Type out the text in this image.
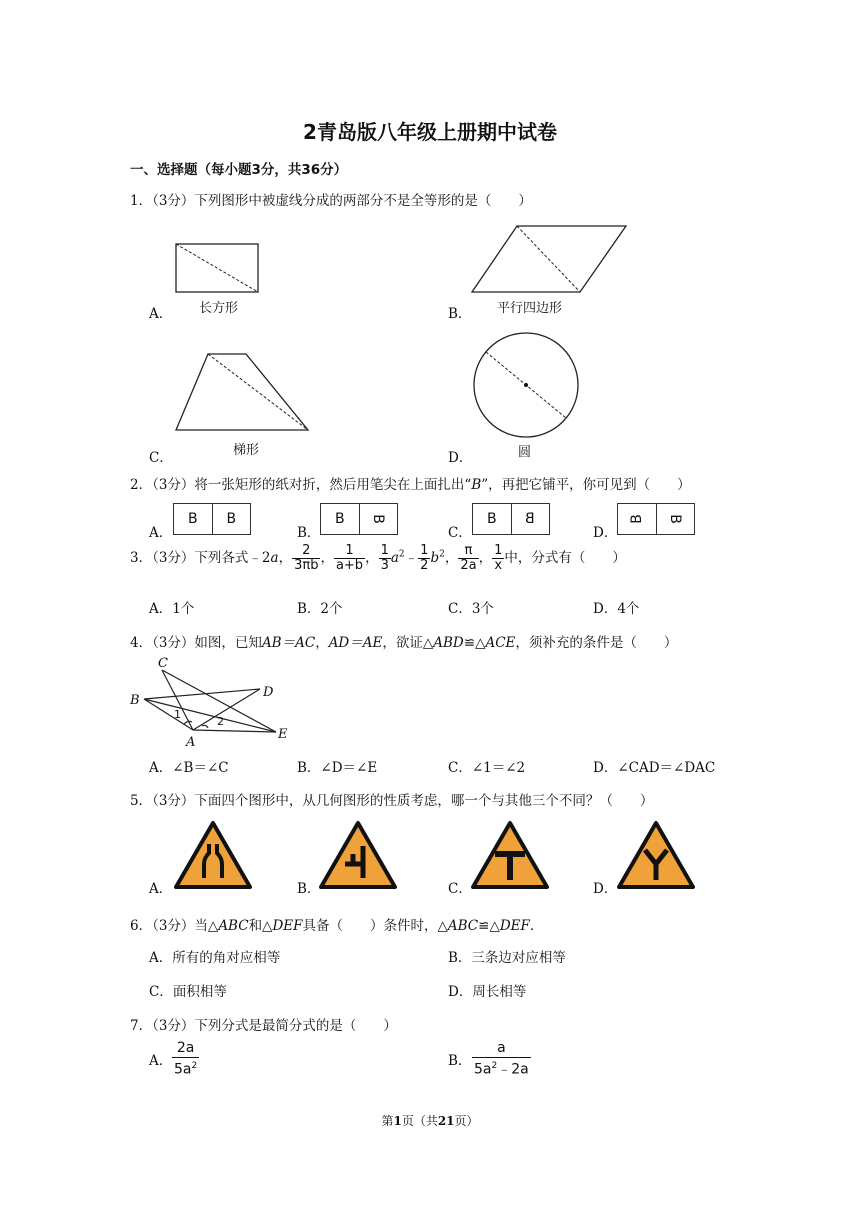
2青岛版八年级上册期中试卷
一、选择题（每小题3分，共36分）
1．（3分）下列图形中被虚线分成的两部分不是全等形的是（　　）
长方形
A．	平行四边形
B．
梯形
C．	圆
D．
2．（3分）将一张矩形的纸对折，然后用笔尖在上面扎出“B”，再把它铺平，你可见到（　　）
A．
B	B
B．
B	B
C．
B	B
D．
B	B
3．（3分）下列各式﹣2a， $\frac{2}{3\pi b}$ ， $\frac{1}{a+b}$ ， $\frac{1}{3}$ $a^2﹣ \frac{1}{2} b^2$， $\frac{\pi}{2a}$ ， $\frac{1}{x}$ 中，分式有（　　）
A．1个	B．2个	C．3个	D．4个
4．（3分）如图，已知AB＝AC，AD＝AE，欲证△ABD≌△ACE，须补充的条件是（　　）
C
B
D
A
E
1
2
A．∠B＝∠C	B．∠D＝∠E	C．∠1＝∠2	D．∠CAD＝∠DAC
5．（3分）下面四个图形中，从几何图形的性质考虑，哪一个与其他三个不同？（　　）
A．	B．	C．	D．
6．（3分）当△ABC和△DEF具备（　　）条件时，△ABC≌△DEF．
A．所有的角对应相等	B．三条边对应相等
C．面积相等	D．周长相等
7．（3分）下列分式是最简分式的是（　　）
A． $\frac{2a}{5a^2}$	B． $\frac{a}{5a^2﹣2a}$
第1页（共21页）
